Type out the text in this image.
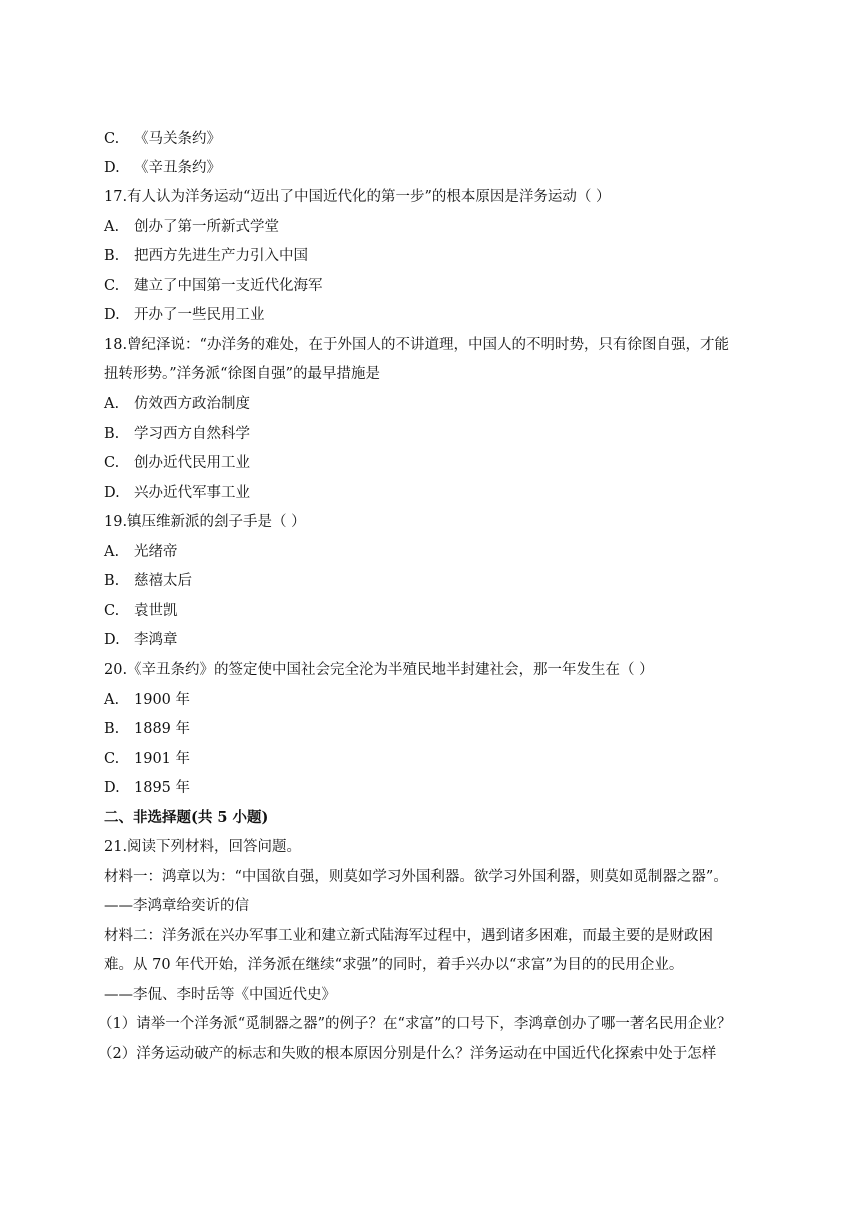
C. 《马关条约》
D. 《辛丑条约》
17.有人认为洋务运动“迈出了中国近代化的第一步”的根本原因是洋务运动（ ）
A. 创办了第一所新式学堂
B. 把西方先进生产力引入中国
C. 建立了中国第一支近代化海军
D. 开办了一些民用工业
18.曾纪泽说：“办洋务的难处，在于外国人的不讲道理，中国人的不明时势，只有徐图自强，才能
扭转形势。”洋务派“徐图自强”的最早措施是
A. 仿效西方政治制度
B. 学习西方自然科学
C. 创办近代民用工业
D. 兴办近代军事工业
19.镇压维新派的刽子手是（ ）
A. 光绪帝
B. 慈禧太后
C. 袁世凯
D. 李鸿章
20.《辛丑条约》的签定使中国社会完全沦为半殖民地半封建社会，那一年发生在（ ）
A. 1900 年
B. 1889 年
C. 1901 年
D. 1895 年
二、非选择题(共 5 小题)
21.阅读下列材料，回答问题。
材料一：鸿章以为：“中国欲自强，则莫如学习外国利器。欲学习外国利器，则莫如觅制器之器”。
——李鸿章给奕䜣的信
材料二：洋务派在兴办军事工业和建立新式陆海军过程中，遇到诸多困难，而最主要的是财政困
难。从 70 年代开始，洋务派在继续“求强”的同时，着手兴办以“求富”为目的的民用企业。
——李侃、李时岳等《中国近代史》
（1）请举一个洋务派“觅制器之器”的例子？在“求富”的口号下，李鸿章创办了哪一著名民用企业？
（2）洋务运动破产的标志和失败的根本原因分别是什么？洋务运动在中国近代化探索中处于怎样
